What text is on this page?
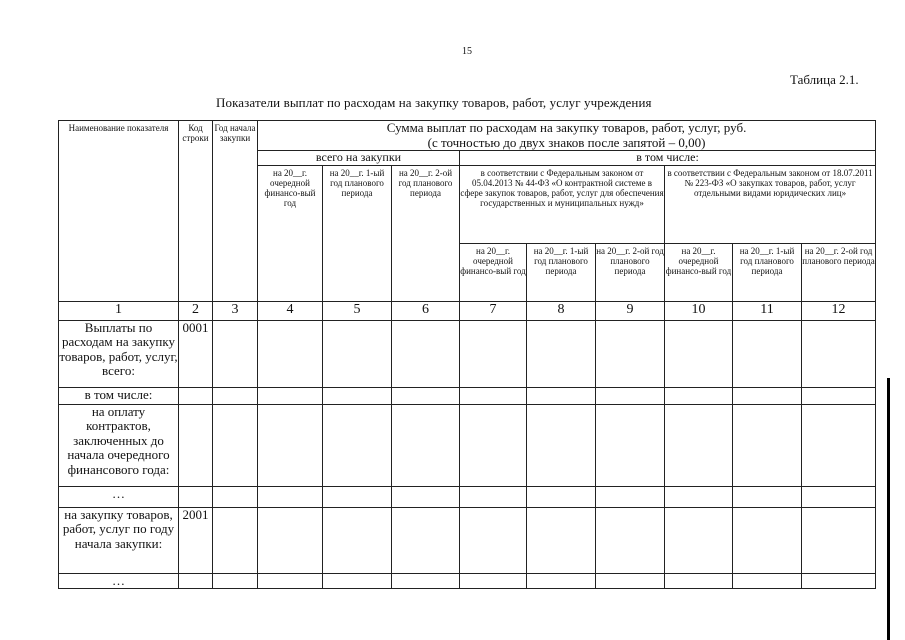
15
Таблица 2.1.
Показатели выплат по расходам на закупку товаров, работ, услуг учреждения
Наименование показателя	Код строки	Год начала закупки	Сумма выплат по расходам на закупку товаров, работ, услуг, руб.
(с точностью до двух знаков после запятой – 0,00)								

			всего на закупки			в том числе:					

			на 20__г. очередной финансо-вый год	на 20__г. 1-ый год планового периода	на 20__г. 2-ой год планового периода	в соответствии с Федеральным законом от 05.04.2013 № 44-ФЗ «О контрактной системе в сфере закупок товаров, работ, услуг для обеспечения государственных и муниципальных нужд»			в соответствии с Федеральным законом от 18.07.2011 № 223-ФЗ «О закупках товаров, работ, услуг отдельными видами юридических лиц»		

						на 20__г. очередной финансо-вый год	на 20__г. 1-ый год планового периода	на 20__г. 2-ой год планового периода	на 20__г. очередной финансо-вый год	на 20__г. 1-ый год планового периода	на 20__г. 2-ой год планового периода

1	2	3	4	5	6	7	8	9	10	11	12
Выплаты по расходам на закупку товаров, работ, услуг, всего:	0001										
в том числе:											
на оплату контрактов, заключенных до начала очередного финансового года:											
…											
на закупку товаров, работ, услуг по году начала закупки:	2001										
…											
